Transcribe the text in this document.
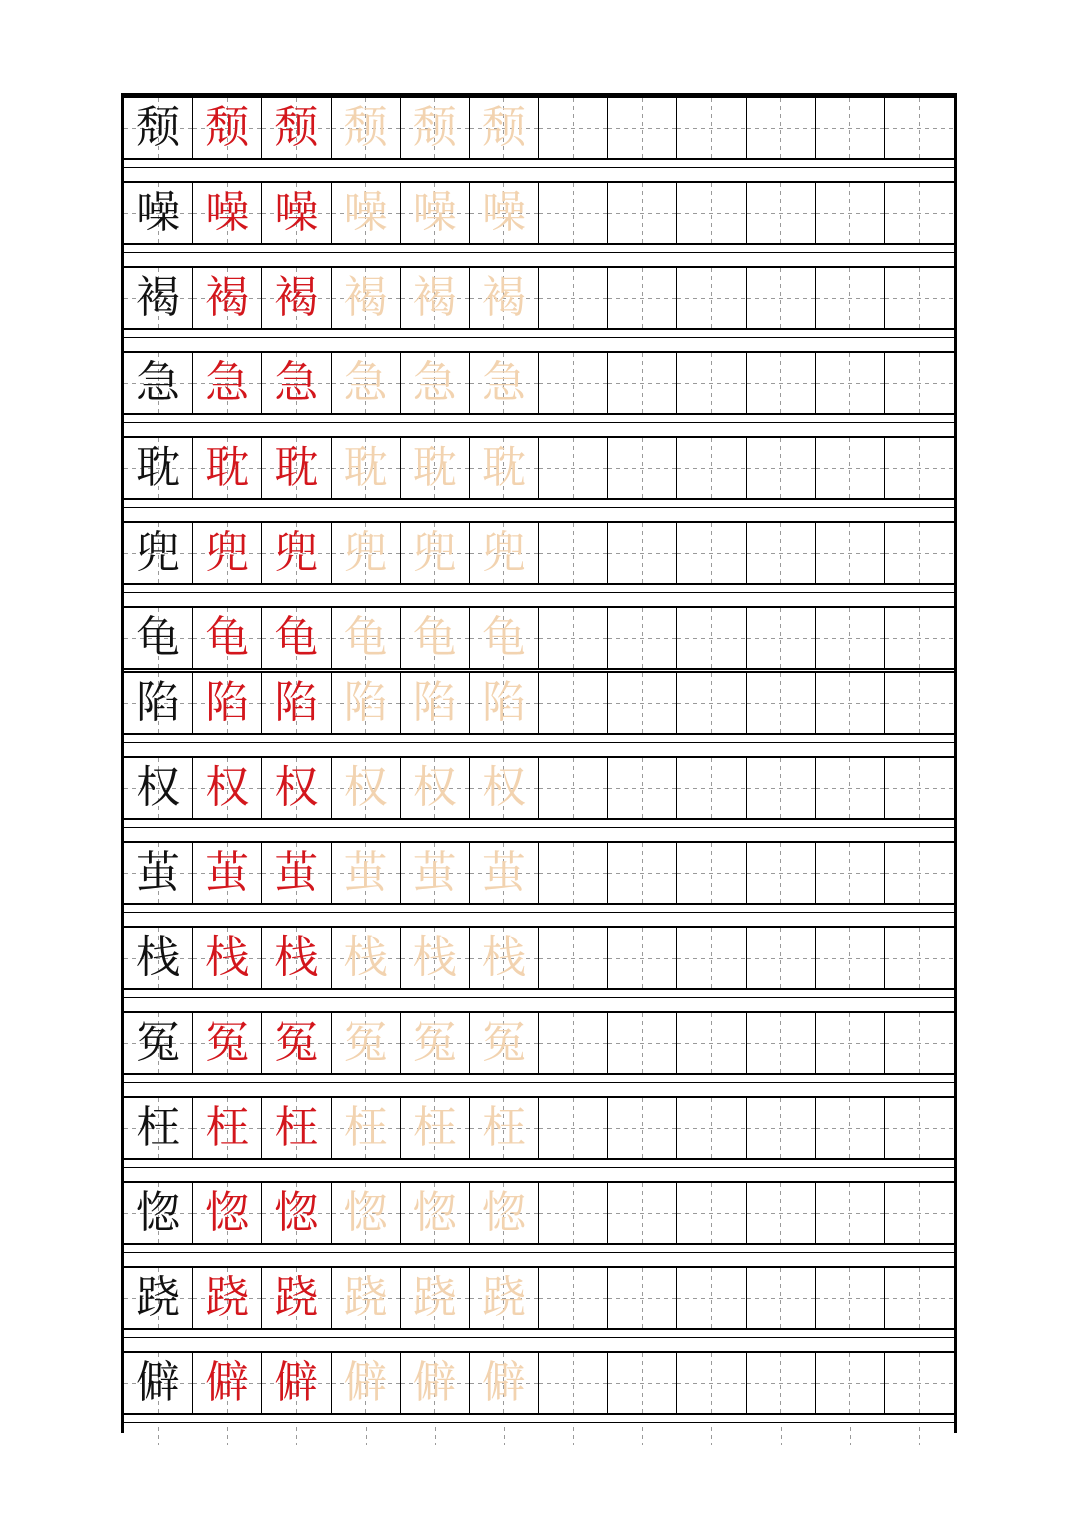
颓 颓 颓 颓 颓 颓
噪 噪 噪 噪 噪 噪
褐 褐 褐 褐 褐 褐
急 急 急 急 急 急
耽 耽 耽 耽 耽 耽
兜 兜 兜 兜 兜 兜
龟 龟 龟 龟 龟 龟
陷 陷 陷 陷 陷 陷
权 权 权 权 权 权
茧 茧 茧 茧 茧 茧
栈 栈 栈 栈 栈 栈
冤 冤 冤 冤 冤 冤
枉 枉 枉 枉 枉 枉
惚 惚 惚 惚 惚 惚
跷 跷 跷 跷 跷 跷
僻 僻 僻 僻 僻 僻
